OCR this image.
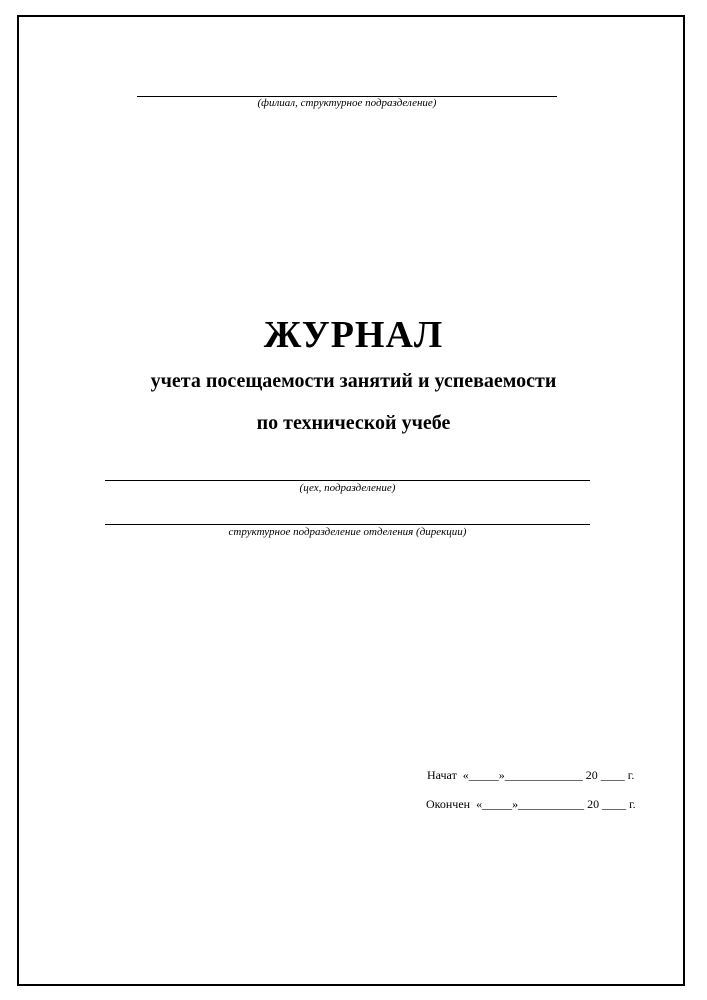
(филиал, структурное подразделение)
ЖУРНАЛ
учета посещаемости занятий и успеваемости
по технической учебе
(цех, подразделение)
структурное подразделение отделения (дирекции)
Начат  «_____»_____________ 20 ____ г.
Окончен  «_____»___________ 20 ____ г.
